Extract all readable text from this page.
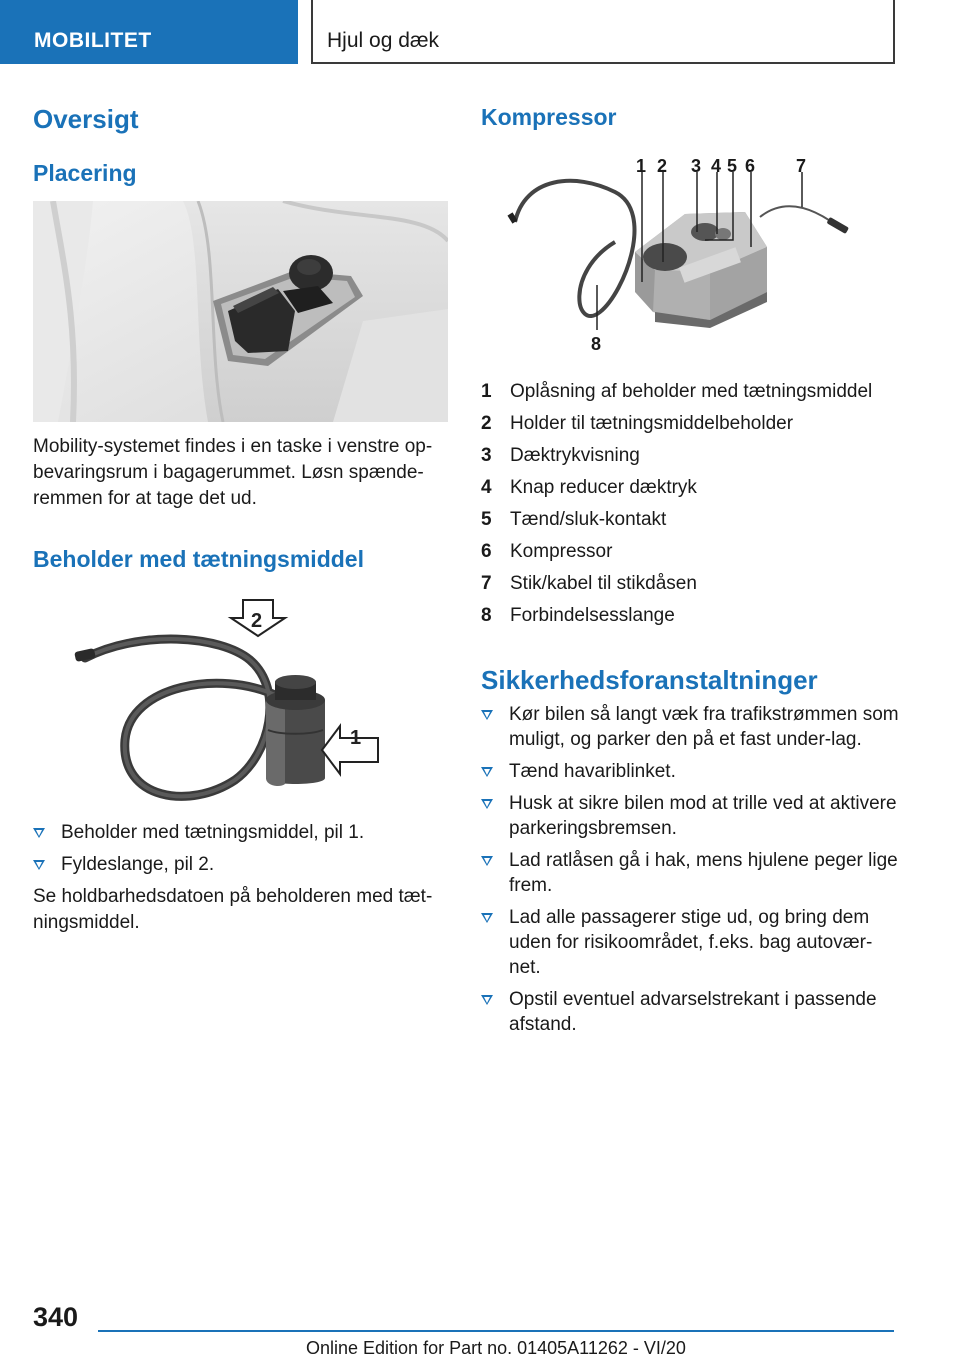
MOBILITET	Hjul og dæk
Oversigt
Placering

Mobility-systemet findes i en taske i venstre op-bevaringsrum i bagagerummet. Løsn spænde-remmen for at tage det ud.

Beholder med tætningsmiddel
2
1
Beholder med tætningsmiddel, pil 1.
Fyldeslange, pil 2.

Se holdbarhedsdatoen på beholderen med tæt-ningsmiddel.

Kompressor
1 2 3 4 5 6 7
8
1 Oplåsning af beholder med tætningsmiddel
2 Holder til tætningsmiddelbeholder
3 Dæktrykvisning
4 Knap reducer dæktryk
5 Tænd/sluk-kontakt
6 Kompressor
7 Stik/kabel til stikdåsen
8 Forbindelsesslange
Sikkerhedsforanstaltninger
Kør bilen så langt væk fra trafikstrømmen som muligt, og parker den på et fast under-lag.
Tænd havariblinket.
Husk at sikre bilen mod at trille ved at aktivere parkeringsbremsen.
Lad ratlåsen gå i hak, mens hjulene peger lige frem.
Lad alle passagerer stige ud, og bring dem uden for risikoområdet, f.eks. bag autovær-net.
Opstil eventuel advarselstrekant i passende afstand.
340
Online Edition for Part no. 01405A11262 - VI/20
